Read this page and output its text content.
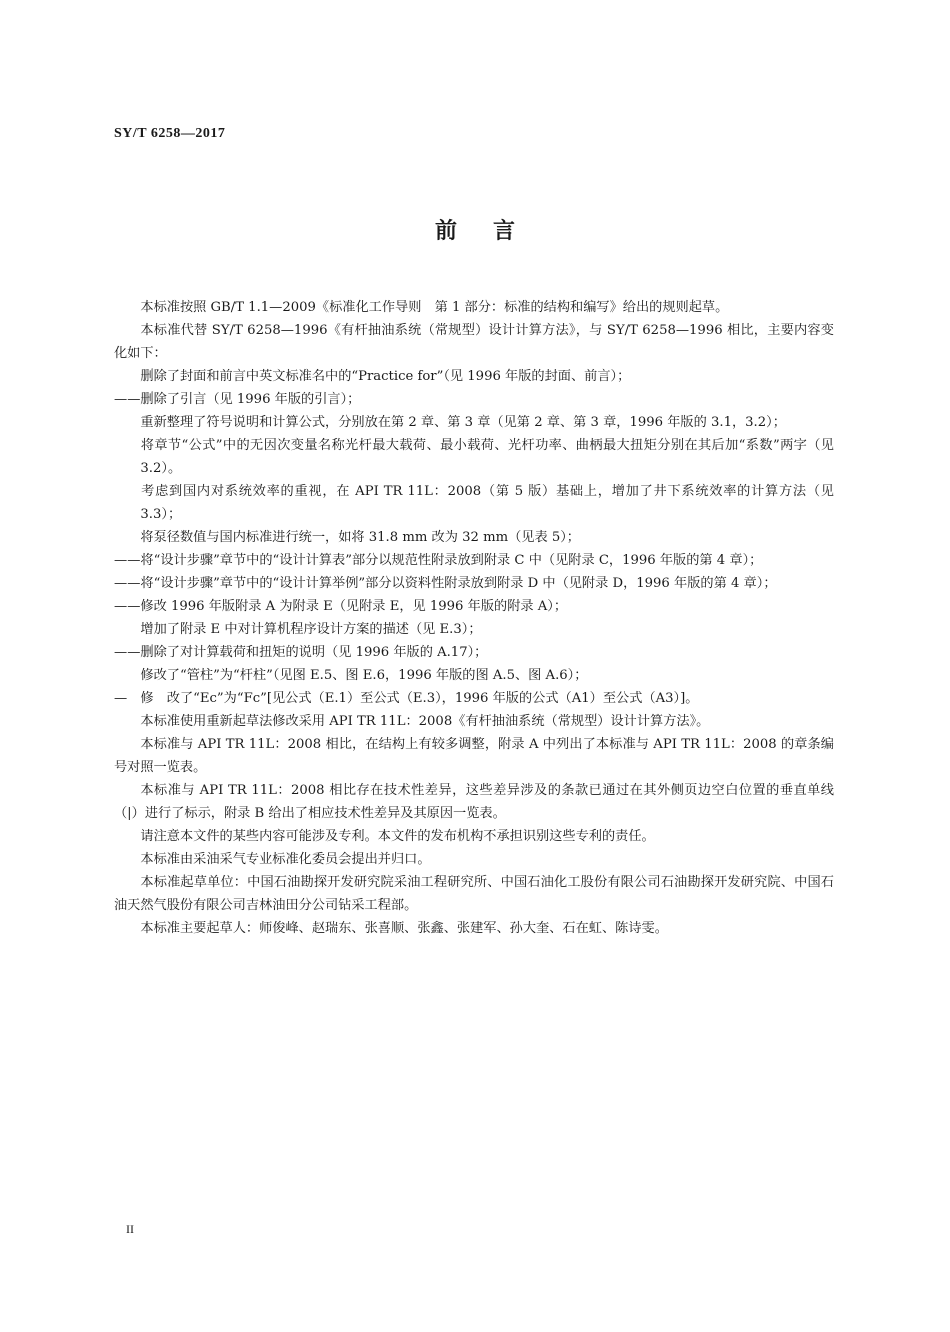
SY/T 6258—2017
前言

本标准按照 GB/T 1.1—2009《标准化工作导则　第 1 部分：标准的结构和编写》给出的规则起草。

本标准代替 SY/T 6258—1996《有杆抽油系统（常规型）设计计算方法》，与 SY/T 6258—1996 相比，主要内容变化如下：

删除了封面和前言中英文标准名中的“Practice for”（见 1996 年版的封面、前言）；

——删除了引言（见 1996 年版的引言）；

重新整理了符号说明和计算公式，分别放在第 2 章、第 3 章（见第 2 章、第 3 章，1996 年版的 3.1，3.2）；

将章节“公式”中的无因次变量名称光杆最大载荷、最小载荷、光杆功率、曲柄最大扭矩分别在其后加“系数”两字（见 3.2）。

考虑到国内对系统效率的重视，在 API TR 11L：2008（第 5 版）基础上，增加了井下系统效率的计算方法（见 3.3）；

将泵径数值与国内标准进行统一，如将 31.8 mm 改为 32 mm（见表 5）；

——将“设计步骤”章节中的“设计计算表”部分以规范性附录放到附录 C 中（见附录 C，1996 年版的第 4 章）；

——将“设计步骤”章节中的“设计计算举例”部分以资料性附录放到附录 D 中（见附录 D，1996 年版的第 4 章）；

——修改 1996 年版附录 A 为附录 E（见附录 E，见 1996 年版的附录 A）；

增加了附录 E 中对计算机程序设计方案的描述（见 E.3）；

——删除了对计算载荷和扭矩的说明（见 1996 年版的 A.17）；

修改了“管柱”为“杆柱”（见图 E.5、图 E.6，1996 年版的图 A.5、图 A.6）；

— 修　改了“Ec”为“Fc”[见公式（E.1）至公式（E.3），1996 年版的公式（A1）至公式（A3）]。

本标准使用重新起草法修改采用 API TR 11L：2008《有杆抽油系统（常规型）设计计算方法》。

本标准与 API TR 11L：2008 相比，在结构上有较多调整，附录 A 中列出了本标准与 API TR 11L：2008 的章条编号对照一览表。

本标准与 API TR 11L：2008 相比存在技术性差异，这些差异涉及的条款已通过在其外侧页边空白位置的垂直单线（|）进行了标示，附录 B 给出了相应技术性差异及其原因一览表。

请注意本文件的某些内容可能涉及专利。本文件的发布机构不承担识别这些专利的责任。

本标准由采油采气专业标准化委员会提出并归口。

本标准起草单位：中国石油勘探开发研究院采油工程研究所、中国石油化工股份有限公司石油勘探开发研究院、中国石油天然气股份有限公司吉林油田分公司钻采工程部。

本标准主要起草人：师俊峰、赵瑞东、张喜顺、张鑫、张建军、孙大奎、石在虹、陈诗雯。

II
